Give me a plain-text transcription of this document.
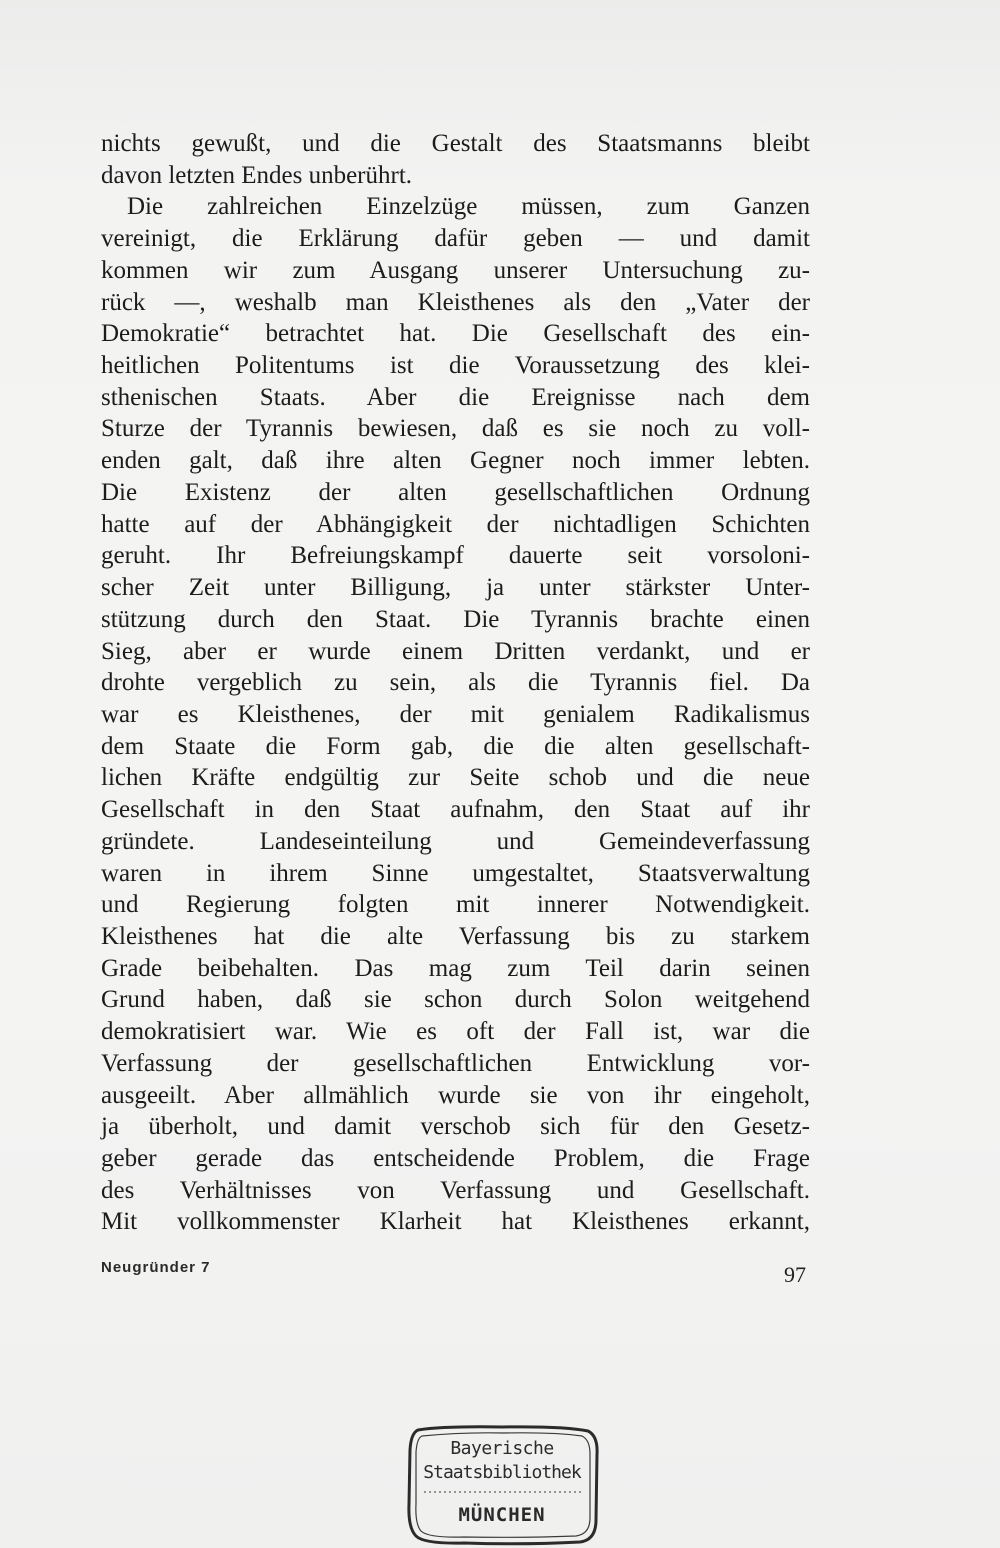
nichts gewußt, und die Gestalt des Staatsmanns bleibt
davon letzten Endes unberührt.
Die zahlreichen Einzelzüge müssen, zum Ganzen
vereinigt, die Erklärung dafür geben — und damit
kommen wir zum Ausgang unserer Untersuchung zu-
rück —, weshalb man Kleisthenes als den „Vater der
Demokratie“ betrachtet hat. Die Gesellschaft des ein-
heitlichen Politentums ist die Voraussetzung des klei-
sthenischen Staats. Aber die Ereignisse nach dem
Sturze der Tyrannis bewiesen, daß es sie noch zu voll-
enden galt, daß ihre alten Gegner noch immer lebten.
Die Existenz der alten gesellschaftlichen Ordnung
hatte auf der Abhängigkeit der nichtadligen Schichten
geruht. Ihr Befreiungskampf dauerte seit vorsoloni-
scher Zeit unter Billigung, ja unter stärkster Unter-
stützung durch den Staat. Die Tyrannis brachte einen
Sieg, aber er wurde einem Dritten verdankt, und er
drohte vergeblich zu sein, als die Tyrannis fiel. Da
war es Kleisthenes, der mit genialem Radikalismus
dem Staate die Form gab, die die alten gesellschaft-
lichen Kräfte endgültig zur Seite schob und die neue
Gesellschaft in den Staat aufnahm, den Staat auf ihr
gründete. Landeseinteilung und Gemeindeverfassung
waren in ihrem Sinne umgestaltet, Staatsverwaltung
und Regierung folgten mit innerer Notwendigkeit.
Kleisthenes hat die alte Verfassung bis zu starkem
Grade beibehalten. Das mag zum Teil darin seinen
Grund haben, daß sie schon durch Solon weitgehend
demokratisiert war. Wie es oft der Fall ist, war die
Verfassung der gesellschaftlichen Entwicklung vor-
ausgeeilt. Aber allmählich wurde sie von ihr eingeholt,
ja überholt, und damit verschob sich für den Gesetz-
geber gerade das entscheidende Problem, die Frage
des Verhältnisses von Verfassung und Gesellschaft.
Mit vollkommenster Klarheit hat Kleisthenes erkannt,
Neugründer 7	97
Bayerische
Staatsbibliothek
MÜNCHEN
